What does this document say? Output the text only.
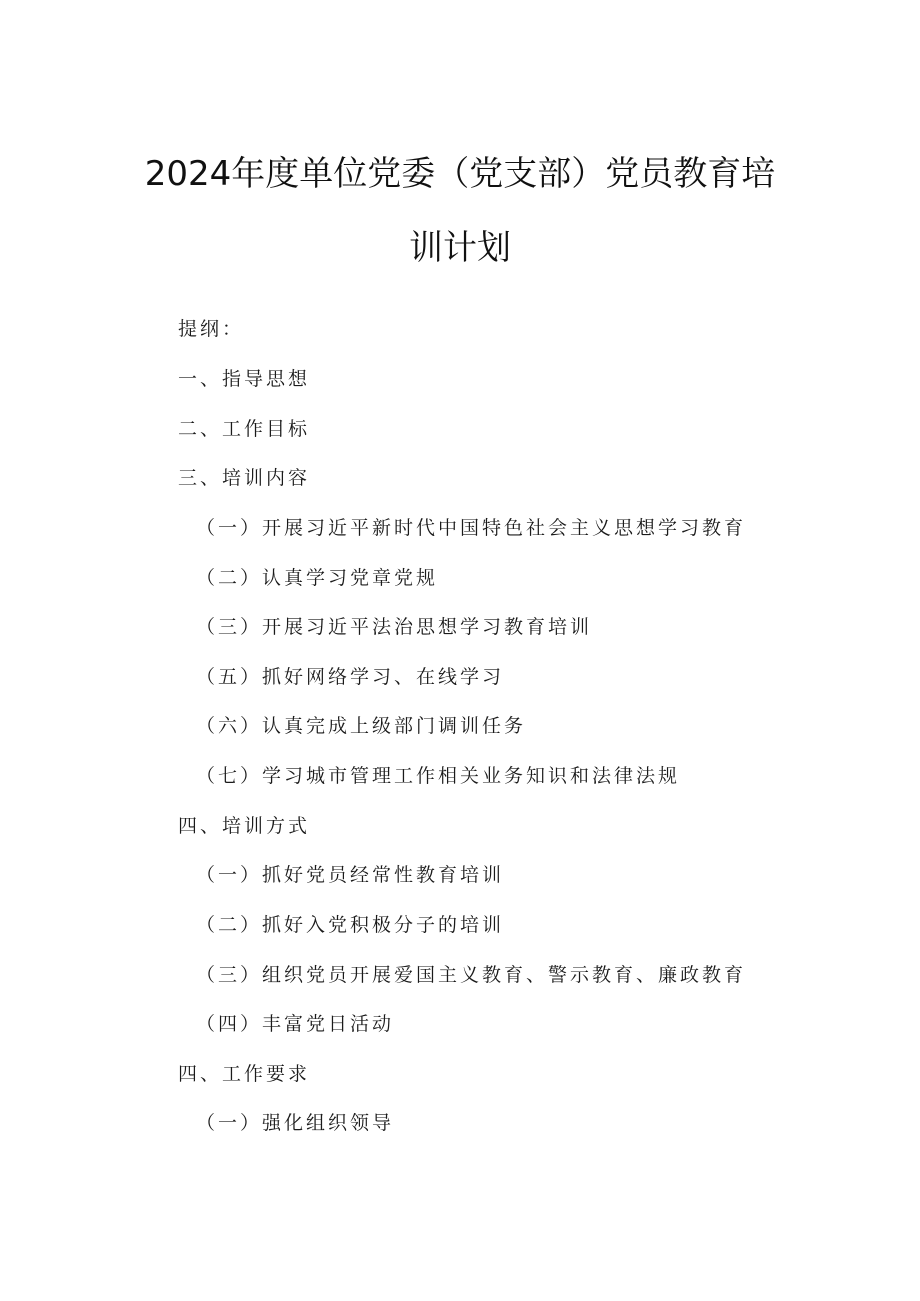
2024年度单位党委（党支部）党员教育培
训计划
提纲：
一、指导思想
二、工作目标
三、培训内容
（一）开展习近平新时代中国特色社会主义思想学习教育
（二）认真学习党章党规
（三）开展习近平法治思想学习教育培训
（五）抓好网络学习、在线学习
（六）认真完成上级部门调训任务
（七）学习城市管理工作相关业务知识和法律法规
四、培训方式
（一）抓好党员经常性教育培训
（二）抓好入党积极分子的培训
（三）组织党员开展爱国主义教育、警示教育、廉政教育
（四）丰富党日活动
四、工作要求
（一）强化组织领导
